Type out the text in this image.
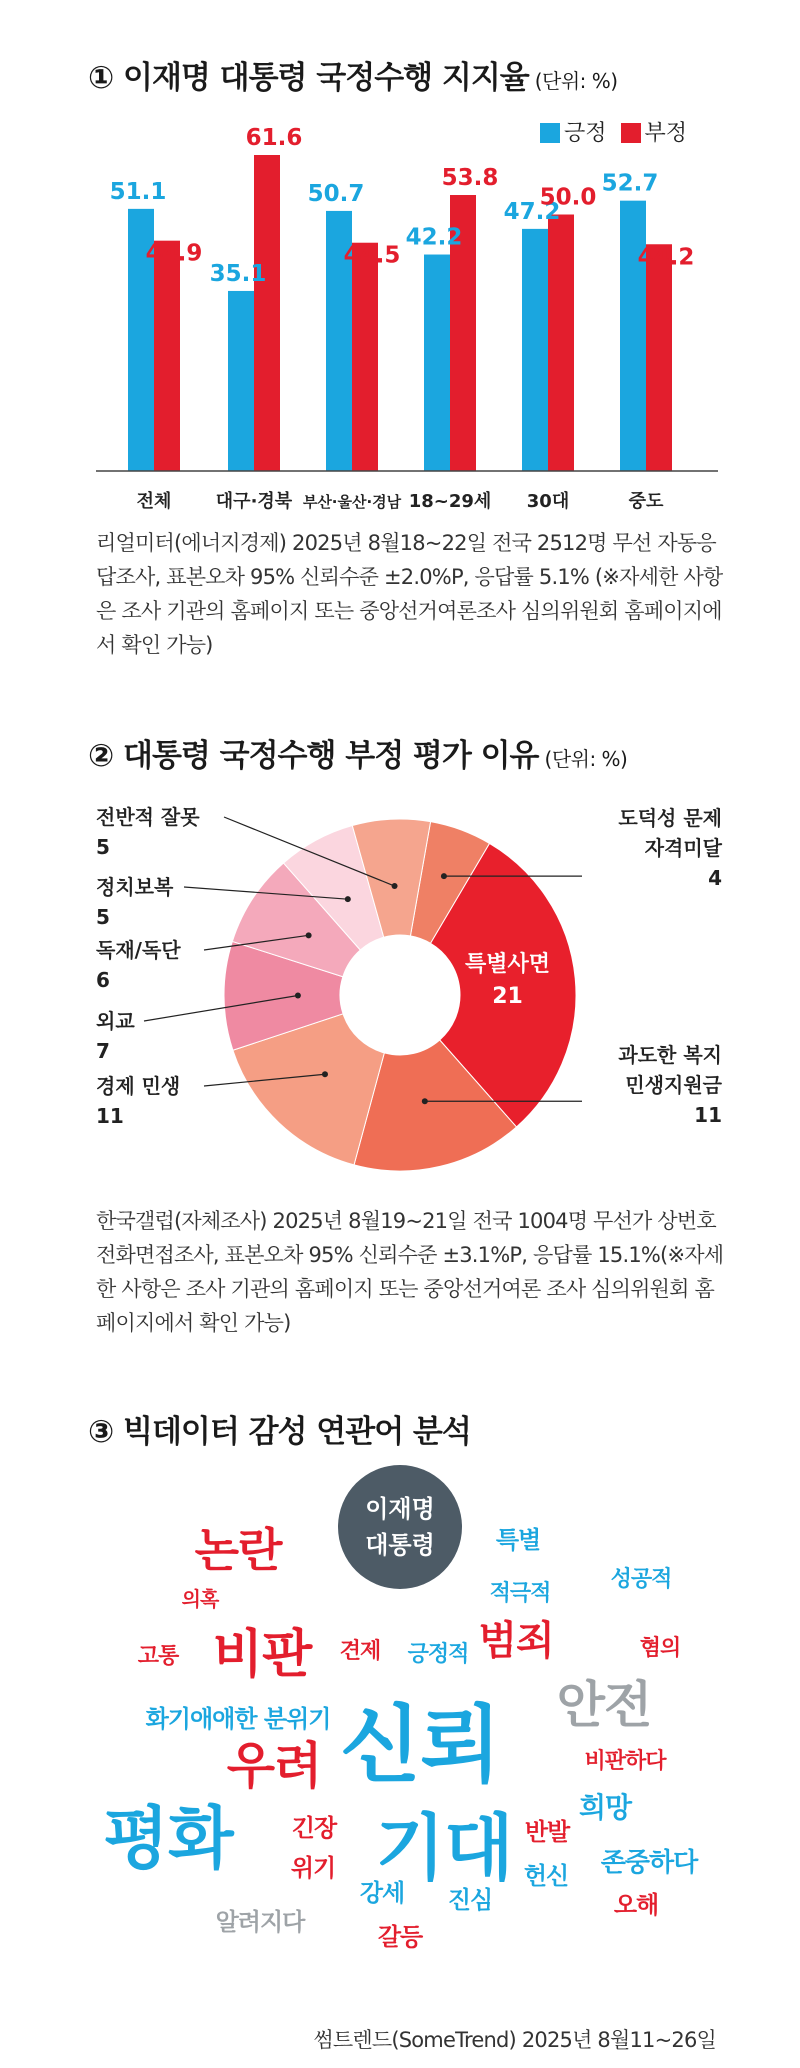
① 이재명 대통령 국정수행 지지율 (단위: %)
긍정	부정
51.1
44.9
전체
35.1
61.6
대구·경북
50.7
44.5
부산·울산·경남
42.2
53.8
18~29세
47.2
50.0
30대
52.7
44.2
중도
리얼미터(에너지경제) 2025년 8월18~22일 전국 2512명 무선 자동응답조사, 표본오차 95% 신뢰수준 ±2.0%P, 응답률 5.1% (※자세한 사항은 조사 기관의 홈페이지 또는 중앙선거여론조사 심의위원회 홈페이지에서 확인 가능)
② 대통령 국정수행 부정 평가 이유 (단위: %)
도덕성 문제
자격미달
4
특별사면
21
과도한 복지
민생지원금
11
경제 민생
11
외교
7
독재/독단
6
정치보복
5
전반적 잘못
5
한국갤럽(자체조사) 2025년 8월19~21일 전국 1004명 무선가 상번호전화면접조사, 표본오차 95% 신뢰수준 ±3.1%P, 응답률 15.1%(※자세한 사항은 조사 기관의 홈페이지 또는 중앙선거여론 조사 심의위원회 홈페이지에서 확인 가능)
③ 빅데이터 감성 연관어 분석
이재명
대통령
논란
의혹
고통 비판 견제 긍정적
특별
적극적
성공적
범죄	혐의
화기애애한 분위기 신뢰 안전
우려	비판하다
희망
평화 긴장 기대 반발
위기	존중하다
헌신
강세 진심	오해
알려지다
갈등
썸트렌드(SomeTrend) 2025년 8월11~26일
